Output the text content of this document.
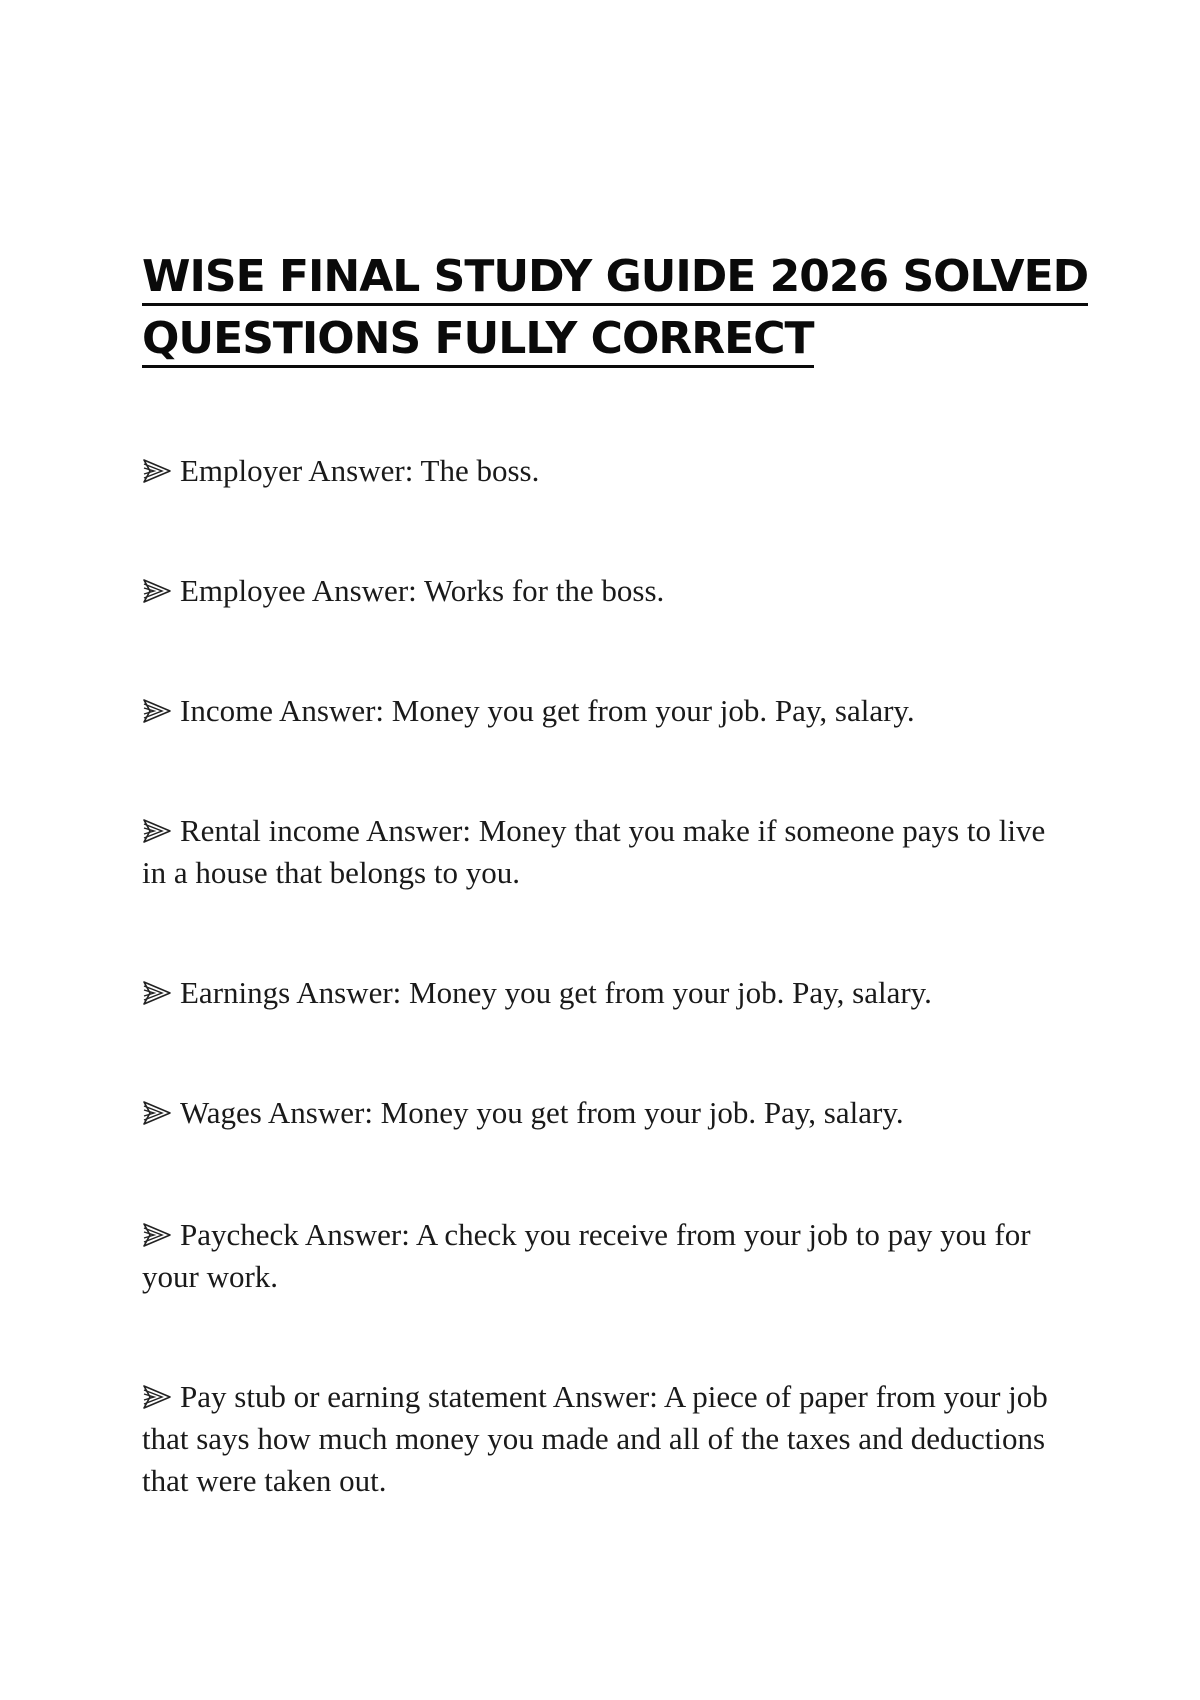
WISE FINAL STUDY GUIDE 2026 SOLVED
QUESTIONS FULLY CORRECT
Employer Answer: The boss.
Employee Answer: Works for the boss.
Income Answer: Money you get from your job. Pay, salary.
Rental income Answer: Money that you make if someone pays to live in a house that belongs to you.
Earnings Answer: Money you get from your job. Pay, salary.
Wages Answer: Money you get from your job. Pay, salary.
Paycheck Answer: A check you receive from your job to pay you for your work.
Pay stub or earning statement Answer: A piece of paper from your job that says how much money you made and all of the taxes and deductions that were taken out.
